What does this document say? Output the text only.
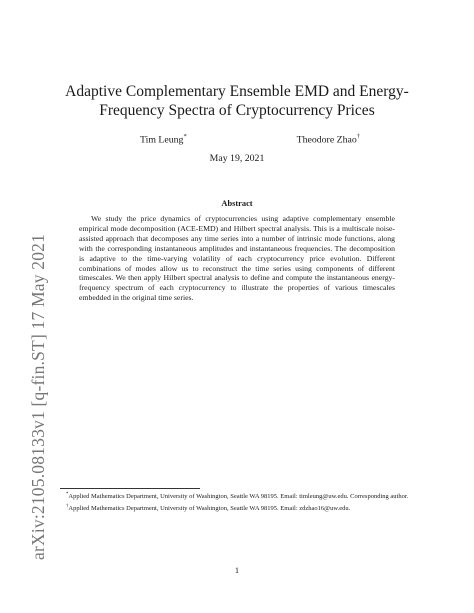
arXiv:2105.08133v1 [q-fin.ST] 17 May 2021
Adaptive Complementary Ensemble EMD and Energy-Frequency Spectra of Cryptocurrency Prices
Tim Leung*	Theodore Zhao†
May 19, 2021
Abstract
We study the price dynamics of cryptocurrencies using adaptive complementary ensemble empirical mode decomposition (ACE-EMD) and Hilbert spectral analysis. This is a multiscale noise-assisted approach that decomposes any time series into a number of intrinsic mode functions, along with the corresponding instantaneous amplitudes and instantaneous frequencies. The decomposition is adaptive to the time-varying volatility of each cryptocurrency price evolution. Different combinations of modes allow us to reconstruct the time series using components of different timescales. We then apply Hilbert spectral analysis to define and compute the instantaneous energy-frequency spectrum of each cryptocurrency to illustrate the properties of various timescales embedded in the original time series.
*Applied Mathematics Department, University of Washington, Seattle WA 98195. Email: timleung@uw.edu. Corresponding author.
†Applied Mathematics Department, University of Washington, Seattle WA 98195. Email: zdzhao16@uw.edu.
1
